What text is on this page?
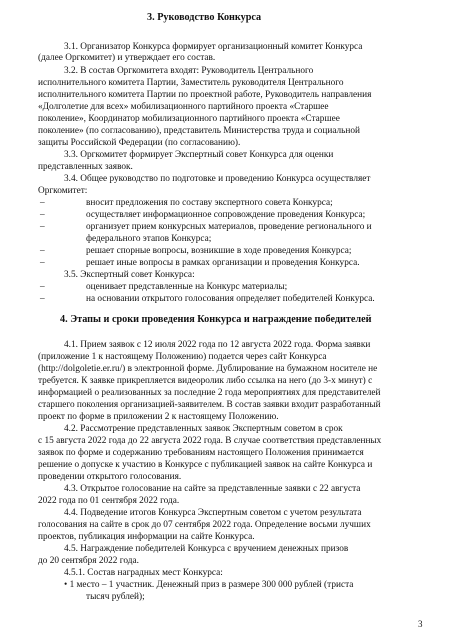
3. Руководство Конкурса
3.1. Организатор Конкурса формирует организационный комитет Конкурса
(далее Оргкомитет) и утверждает его состав.
3.2. В состав Оргкомитета входят: Руководитель Центрального
исполнительного комитета Партии, Заместитель руководителя Центрального
исполнительного комитета Партии по проектной работе, Руководитель направления
«Долголетие для всех» мобилизационного партийного проекта «Старшее
поколение», Координатор мобилизационного партийного проекта «Старшее
поколение» (по согласованию), представитель Министерства труда и социальной
защиты Российской Федерации (по согласованию).
3.3. Оргкомитет формирует Экспертный совет Конкурса для оценки
представленных заявок.
3.4. Общее руководство по подготовке и проведению Конкурса осуществляет
Оргкомитет:
–	вносит предложения по составу экспертного совета Конкурса;
–	осуществляет информационное сопровождение проведения Конкурса;
–	организует прием конкурсных материалов, проведение регионального и
федерального этапов Конкурса;
–	решает спорные вопросы, возникшие в ходе проведения Конкурса;
–	решает иные вопросы в рамках организации и проведения Конкурса.
3.5. Экспертный совет Конкурса:
–	оценивает представленные на Конкурс материалы;
–	на основании открытого голосования определяет победителей Конкурса.
4. Этапы и сроки проведения Конкурса и награждение победителей
4.1. Прием заявок с 12 июля 2022 года по 12 августа 2022 года. Форма заявки
(приложение 1 к настоящему Положению) подается через сайт Конкурса
(http://dolgoletie.er.ru/) в электронной форме. Дублирование на бумажном носителе не
требуется. К заявке прикрепляется видеоролик либо ссылка на него (до 3-х минут) с
информацией о реализованных за последние 2 года мероприятиях для представителей
старшего поколения организацией-заявителем. В состав заявки входит разработанный
проект по форме в приложении 2 к настоящему Положению.
4.2. Рассмотрение представленных заявок Экспертным советом в срок
с 15 августа 2022 года до 22 августа 2022 года. В случае соответствия представленных
заявок по форме и содержанию требованиям настоящего Положения принимается
решение о допуске к участию в Конкурсе с публикацией заявок на сайте Конкурса и
проведении открытого голосования.
4.3. Открытое голосование на сайте за представленные заявки с 22 августа
2022 года по 01 сентября 2022 года.
4.4. Подведение итогов Конкурса Экспертным советом с учетом результата
голосования на сайте в срок до 07 сентября 2022 года. Определение восьми лучших
проектов, публикация информации на сайте Конкурса.
4.5. Награждение победителей Конкурса с вручением денежных призов
до 20 сентября 2022 года.
4.5.1. Состав наградных мест Конкурса:
• 1 место – 1 участник. Денежный приз в размере 300 000 рублей (триста
тысяч рублей);
3
